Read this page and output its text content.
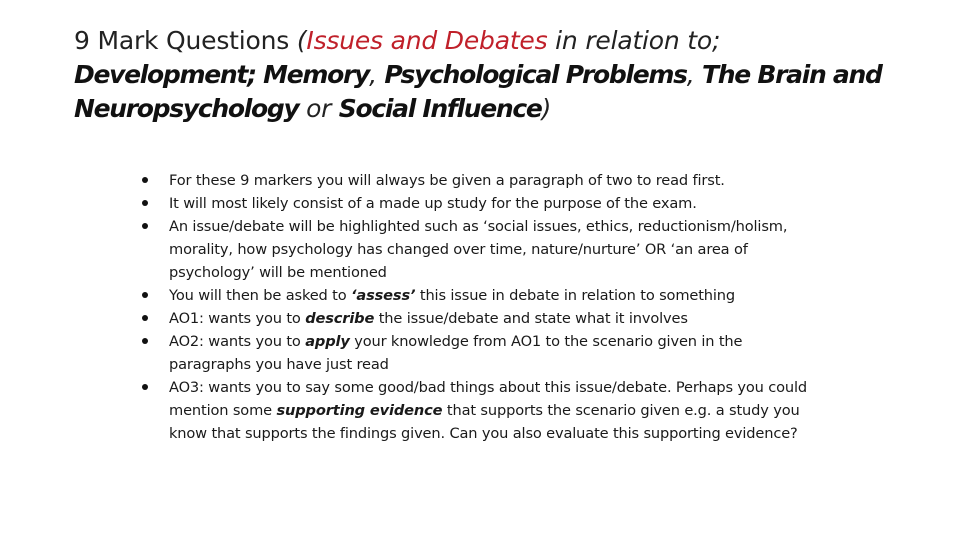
9 Mark Questions (Issues and Debates in relation to;
Development; Memory, Psychological Problems, The Brain and Neuropsychology or Social Influence)
For these 9 markers you will always be given a paragraph of two to read first.
It will most likely consist of a made up study for the purpose of the exam.
An issue/debate will be highlighted such as ‘social issues, ethics, reductionism/holism, morality, how psychology has changed over time, nature/nurture’ OR ‘an area of psychology’ will be mentioned
You will then be asked to ‘assess’ this issue in debate in relation to something
AO1: wants you to describe the issue/debate and state what it involves
AO2: wants you to apply your knowledge from AO1 to the scenario given in the paragraphs you have just read
AO3: wants you to say some good/bad things about this issue/debate. Perhaps you could mention some supporting evidence that supports the scenario given e.g. a study you know that supports the findings given. Can you also evaluate this supporting evidence?
